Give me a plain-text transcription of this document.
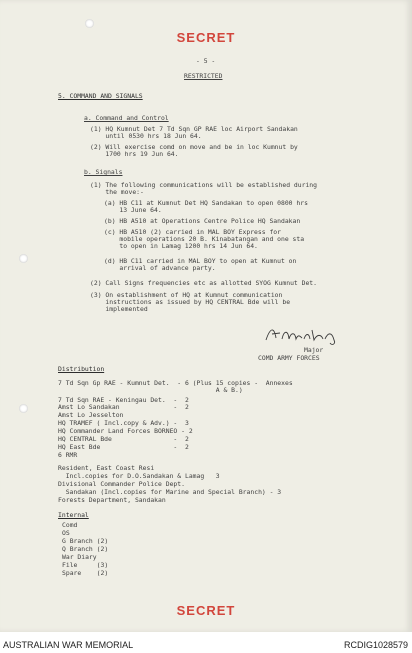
SECRET
- 5 -
RESTRICTED
5. COMMAND AND SIGNALS
a. Command and Control
(1) HQ Kumnut Det 7 Td Sqn GP RAE loc Airport Sandakan
until 0530 hrs 18 Jun 64.
(2) Will exercise comd on move and be in loc Kumnut by
1700 hrs 19 Jun 64.
b. Signals
(1) The following communications will be established during
the move:-
(a) HB C11 at Kumnut Det HQ Sandakan to open 0800 hrs
13 June 64.
(b) HB A510 at Operations Centre Police HQ Sandakan
(c) HB A510 (2) carried in MAL BOY Express for
mobile operations 20 B. Kinabatangan and one sta
to open in Lamag 1200 hrs 14 Jun 64.
(d) HB C11 carried in MAL BOY to open at Kumnut on
arrival of advance party.
(2) Call Signs frequencies etc as allotted SYOG Kumnut Det.
(3) On establishment of HQ at Kumnut communication
instructions as issued by HQ CENTRAL Bde will be
implemented
Major
COMD ARMY FORCES
Distribution
7 Td Sqn Gp RAE - Kumnut Det.  - 6 (Plus 15 copies -  Annexes
A & B.)
7 Td Sqn RAE - Keningau Det.  -  2
Amst Lo Sandakan              -  2
Amst Lo Jesselton
HQ TRAMEF ( Incl.copy & Adv.) -  3
HQ Commander Land Forces BORNEO - 2
HQ CENTRAL Bde                -  2
HQ East Bde                   -  2
6 RMR
Resident, East Coast Resi
Incl.copies for D.O.Sandakan & Lamag   3
Divisional Commander Police Dept.
Sandakan (Incl.copies for Marine and Special Branch) - 3
Forests Department, Sandakan
Internal
Comd
OS
G Branch (2)
Q Branch (2)
War Diary
File     (3)
Spare    (2)
SECRET
AUSTRALIAN WAR MEMORIAL	RCDIG1028579
